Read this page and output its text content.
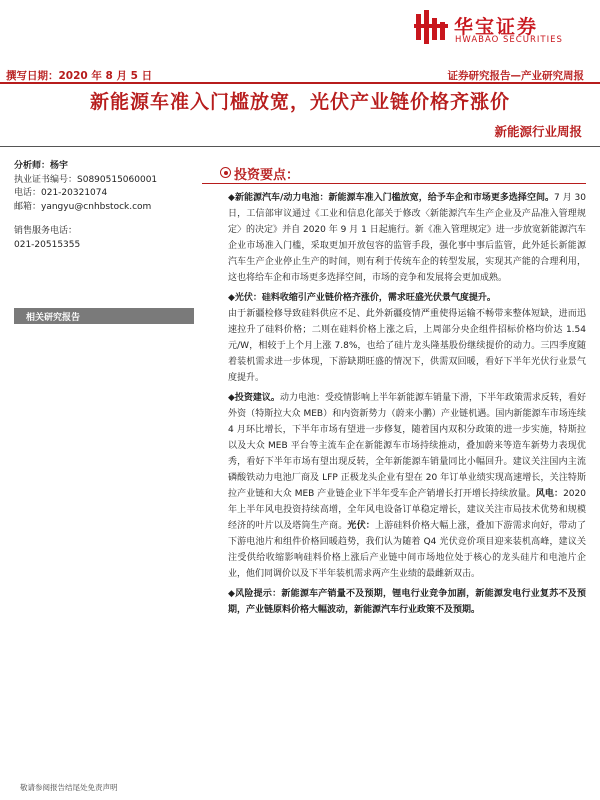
华宝证券
HWABAO SECURITIES
撰写日期：2020 年 8 月 5 日	证券研究报告—产业研究周报
新能源车准入门槛放宽，光伏产业链价格齐涨价
新能源行业周报
分析师：杨宇
执业证书编号：S0890515060001
电话：021-20321074
邮箱：yangyu@cnhbstock.com
销售服务电话：
021-20515355
相关研究报告
投资要点：

◆新能源汽车/动力电池：新能源车准入门槛放宽，给予车企和市场更多选择空间。7 月 30 日，工信部审议通过《工业和信息化部关于修改〈新能源汽车生产企业及产品准入管理规定〉的决定》并自 2020 年 9 月 1 日起施行。新《准入管理规定》进一步放宽新能源汽车企业市场准入门槛，采取更加开放包容的监管手段，强化事中事后监管，此外延长新能源汽车生产企业停止生产的时间，则有利于传统车企的转型发展，实现其产能的合理利用，这也将给车企和市场更多选择空间，市场的竞争和发展将会更加成熟。

◆光伏：硅料收缩引产业链价格齐涨价，需求旺盛光伏景气度提升。
由于新疆检修导致硅料供应不足、此外新疆疫情严重使得运输不畅带来整体短缺，进而迅速拉升了硅料价格；二则在硅料价格上涨之后，上周部分央企组件招标价格均价达 1.54 元/W，相较于上个月上涨 7.8%，也给了硅片龙头隆基股份继续提价的动力。三四季度随着装机需求进一步体现，下游缺期旺盛的情况下，供需双回暖，看好下半年光伏行业景气度提升。

◆投资建议。动力电池：受疫情影响上半年新能源车销量下滑，下半年政策需求反转，看好外资（特斯拉大众 MEB）和内资新势力（蔚来小鹏）产业链机遇。国内新能源车市场连续 4 月环比增长，下半年市场有望进一步修复，随着国内双积分政策的进一步实施，特斯拉以及大众 MEB 平台等主流车企在新能源车市场持续推动，叠加蔚来等造车新势力表现优秀，看好下半年市场有望出现反转，全年新能源车销量同比小幅回升。建议关注国内主流磷酸铁动力电池厂商及 LFP 正极龙头企业有望在 20 年订单业绩实现高速增长，关注特斯拉产业链和大众 MEB 产业链企业下半年受车企产销增长打开增长持续放量。风电：2020 年上半年风电投资持续高增，全年风电设备订单稳定增长，建议关注市局技术优势和规模经济的叶片以及塔筒生产商。光伏：上游硅料价格大幅上涨，叠加下游需求向好，带动了下游电池片和组件价格回暖趋势，我们认为随着 Q4 光伏竞价项目迎来装机高峰，建议关注受供给收缩影响硅料价格上涨后产业链中间市场地位处于核心的龙头硅片和电池片企业，他们同调价以及下半年装机需求两产生业绩的最雌新双击。

◆风险提示：新能源车产销量不及预期，锂电行业竞争加剧，新能源发电行业复苏不及预期，产业链原料价格大幅波动，新能源汽车行业政策不及预期。

敬请参阅报告结尾处免责声明
